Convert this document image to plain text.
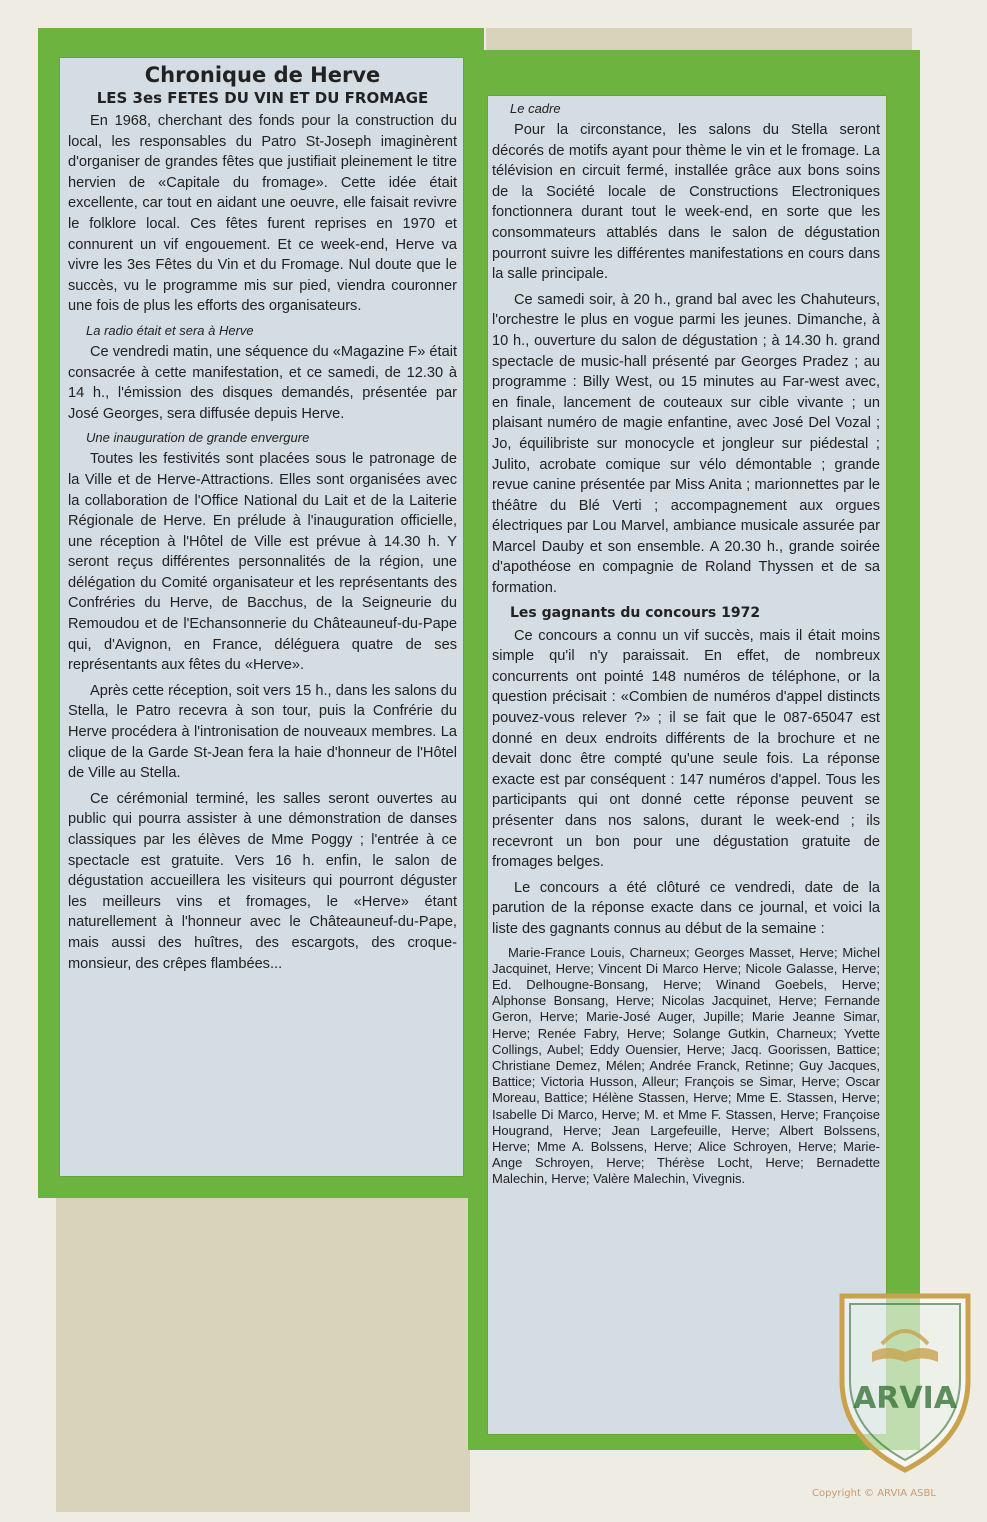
Chronique de Herve
LES 3es FETES DU VIN ET DU FROMAGE

En 1968, cherchant des fonds pour la construction du local, les responsables du Patro St-Joseph imaginèrent d'organiser de grandes fêtes que justifiait pleinement le titre hervien de «Capitale du fromage». Cette idée était excellente, car tout en aidant une oeuvre, elle faisait revivre le folklore local. Ces fêtes furent reprises en 1970 et connurent un vif engouement. Et ce week-end, Herve va vivre les 3es Fêtes du Vin et du Fromage. Nul doute que le succès, vu le programme mis sur pied, viendra couronner une fois de plus les efforts des organisateurs.

La radio était et sera à Herve

Ce vendredi matin, une séquence du «Magazine F» était consacrée à cette manifestation, et ce samedi, de 12.30 à 14 h., l'émission des disques demandés, présentée par José Georges, sera diffusée depuis Herve.

Une inauguration de grande envergure

Toutes les festivités sont placées sous le patronage de la Ville et de Herve-Attractions. Elles sont organisées avec la collaboration de l'Office National du Lait et de la Laiterie Régionale de Herve. En prélude à l'inauguration officielle, une réception à l'Hôtel de Ville est prévue à 14.30 h. Y seront reçus différentes personnalités de la région, une délégation du Comité organisateur et les représentants des Confréries du Herve, de Bacchus, de la Seigneurie du Remoudou et de l'Echansonnerie du Châteauneuf-du-Pape qui, d'Avignon, en France, déléguera quatre de ses représentants aux fêtes du «Herve».

Après cette réception, soit vers 15 h., dans les salons du Stella, le Patro recevra à son tour, puis la Confrérie du Herve procédera à l'intronisation de nouveaux membres. La clique de la Garde St-Jean fera la haie d'honneur de l'Hôtel de Ville au Stella.

Ce cérémonial terminé, les salles seront ouvertes au public qui pourra assister à une démonstration de danses classiques par les élèves de Mme Poggy ; l'entrée à ce spectacle est gratuite. Vers 16 h. enfin, le salon de dégustation accueillera les visiteurs qui pourront déguster les meilleurs vins et fromages, le «Herve» étant naturellement à l'honneur avec le Châteauneuf-du-Pape, mais aussi des huîtres, des escargots, des croque-monsieur, des crêpes flambées...

Le cadre

Pour la circonstance, les salons du Stella seront décorés de motifs ayant pour thème le vin et le fromage. La télévision en circuit fermé, installée grâce aux bons soins de la Société locale de Constructions Electroniques fonctionnera durant tout le week-end, en sorte que les consommateurs attablés dans le salon de dégustation pourront suivre les différentes manifestations en cours dans la salle principale.

Ce samedi soir, à 20 h., grand bal avec les Chahuteurs, l'orchestre le plus en vogue parmi les jeunes. Dimanche, à 10 h., ouverture du salon de dégustation ; à 14.30 h. grand spectacle de music-hall présenté par Georges Pradez ; au programme : Billy West, ou 15 minutes au Far-west avec, en finale, lancement de couteaux sur cible vivante ; un plaisant numéro de magie enfantine, avec José Del Vozal ; Jo, équilibriste sur monocycle et jongleur sur piédestal ; Julito, acrobate comique sur vélo démontable ; grande revue canine présentée par Miss Anita ; marionnettes par le théâtre du Blé Verti ; accompagnement aux orgues électriques par Lou Marvel, ambiance musicale assurée par Marcel Dauby et son ensemble. A 20.30 h., grande soirée d'apothéose en compagnie de Roland Thyssen et de sa formation.

Les gagnants du concours 1972

Ce concours a connu un vif succès, mais il était moins simple qu'il n'y paraissait. En effet, de nombreux concurrents ont pointé 148 numéros de téléphone, or la question précisait : «Combien de numéros d'appel distincts pouvez-vous relever ?» ; il se fait que le 087-65047 est donné en deux endroits différents de la brochure et ne devait donc être compté qu'une seule fois. La réponse exacte est par conséquent : 147 numéros d'appel. Tous les participants qui ont donné cette réponse peuvent se présenter dans nos salons, durant le week-end ; ils recevront un bon pour une dégustation gratuite de fromages belges.

Le concours a été clôturé ce vendredi, date de la parution de la réponse exacte dans ce journal, et voici la liste des gagnants connus au début de la semaine :

Marie-France Louis, Charneux; Georges Masset, Herve; Michel Jacquinet, Herve; Vincent Di Marco Herve; Nicole Galasse, Herve; Ed. Delhougne-Bonsang, Herve; Winand Goebels, Herve; Alphonse Bonsang, Herve; Nicolas Jacquinet, Herve; Fernande Geron, Herve; Marie-José Auger, Jupille; Marie Jeanne Simar, Herve; Renée Fabry, Herve; Solange Gutkin, Charneux; Yvette Collings, Aubel; Eddy Ouensier, Herve; Jacq. Goorissen, Battice; Christiane Demez, Mélen; Andrée Franck, Retinne; Guy Jacques, Battice; Victoria Husson, Alleur; François se Simar, Herve; Oscar Moreau, Battice; Hélène Stassen, Herve; Mme E. Stassen, Herve; Isabelle Di Marco, Herve; M. et Mme F. Stassen, Herve; Françoise Hougrand, Herve; Jean Largefeuille, Herve; Albert Bolssens, Herve; Mme A. Bolssens, Herve; Alice Schroyen, Herve; Marie-Ange Schroyen, Herve; Thérèse Locht, Herve; Bernadette Malechin, Herve; Valère Malechin, Vivegnis.
ARVIA
Copyright © ARVIA ASBL
